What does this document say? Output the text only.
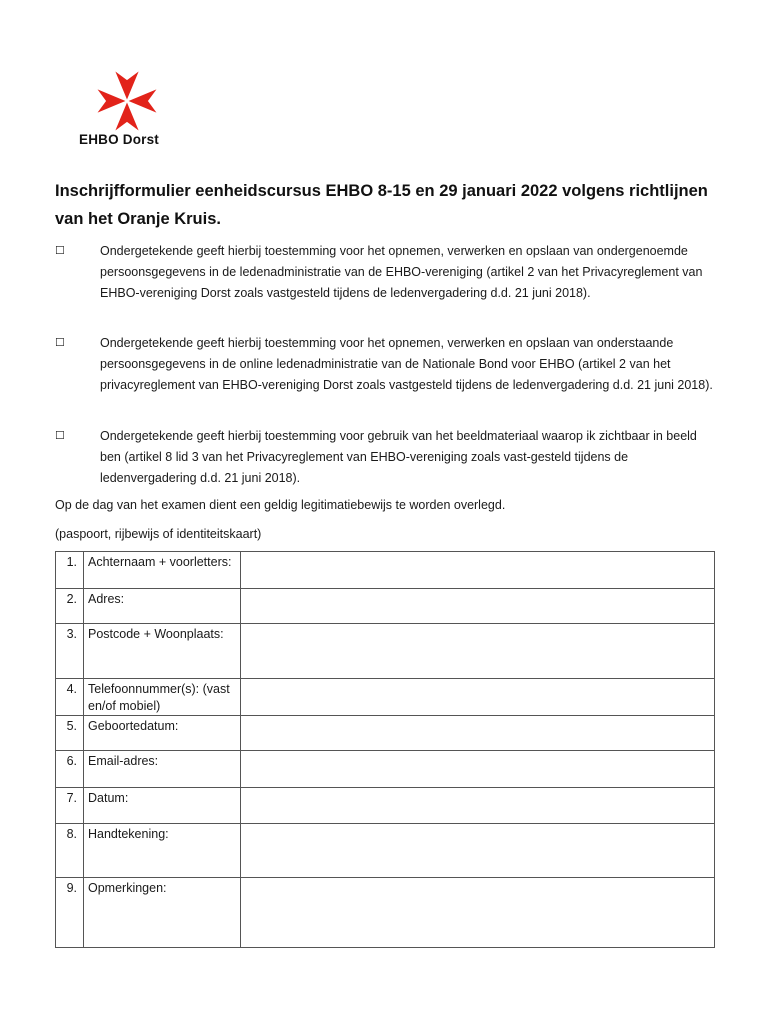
EHBO Dorst
Inschrijfformulier eenheidscursus EHBO 8-15 en 29 januari 2022 volgens richtlijnen van het Oranje Kruis.
☐	Ondergetekende geeft hierbij toestemming voor het opnemen, verwerken en opslaan van ondergenoemde persoonsgegevens in de ledenadministratie van de EHBO-vereniging (artikel 2 van het Privacyreglement van EHBO-vereniging Dorst zoals vastgesteld tijdens de ledenvergadering d.d. 21 juni 2018).
☐	Ondergetekende geeft hierbij toestemming voor het opnemen, verwerken en opslaan van onderstaande persoonsgegevens in de online ledenadministratie van de Nationale Bond voor EHBO (artikel 2 van het privacyreglement van EHBO-vereniging Dorst zoals vastgesteld tijdens de ledenvergadering d.d. 21 juni 2018).
☐	Ondergetekende geeft hierbij toestemming voor gebruik van het beeldmateriaal waarop ik zichtbaar in beeld ben (artikel 8 lid 3 van het Privacyreglement van EHBO-vereniging zoals vast-gesteld tijdens de ledenvergadering d.d. 21 juni 2018).
Op de dag van het examen dient een geldig legitimatiebewijs te worden overlegd.
(paspoort, rijbewijs of identiteitskaart)
1.	Achternaam + voorletters:	
2.	Adres:	
3.	Postcode + Woonplaats:	
4.	Telefoonnummer(s): (vast en/of mobiel)	
5.	Geboortedatum:	
6.	Email-adres:	
7.	Datum:	
8.	Handtekening:	
9.	Opmerkingen:	
